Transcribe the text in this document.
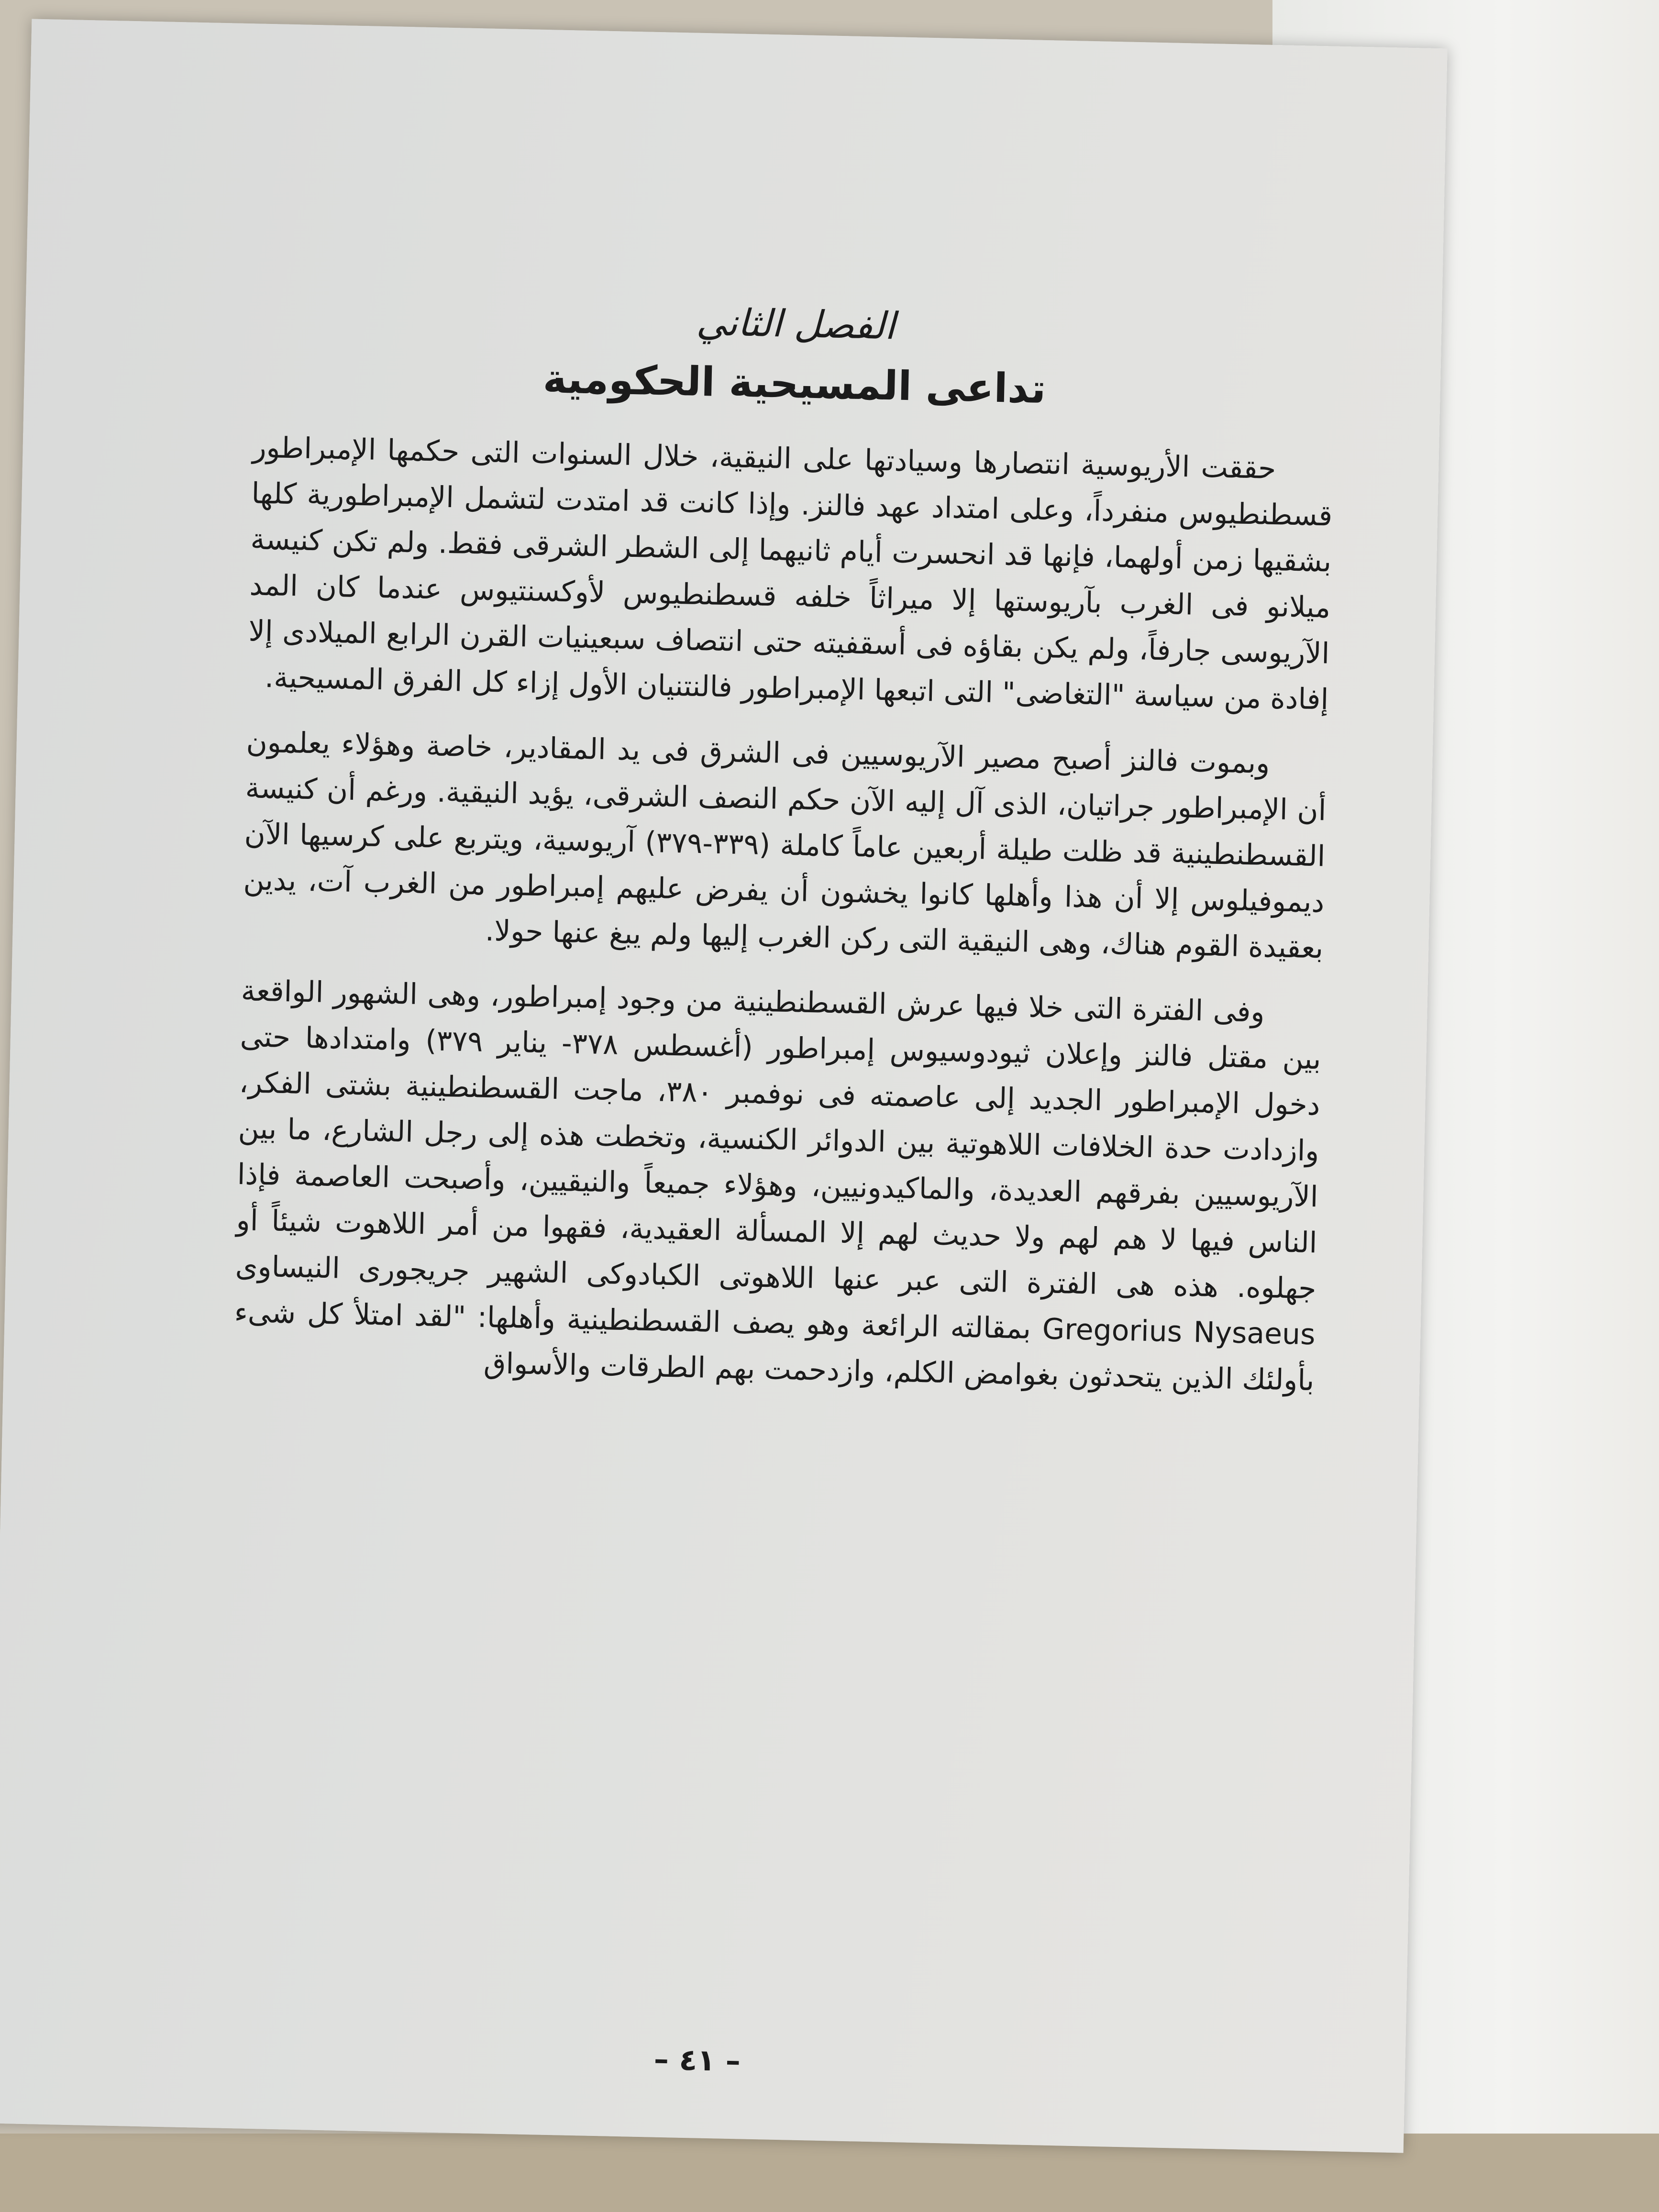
الفصل الثاني
تداعى المسيحية الحكومية

حققت الأريوسية انتصارها وسيادتها على النيقية، خلال السنوات التى حكمها الإمبراطور قسطنطيوس منفرداً، وعلى امتداد عهد فالنز. وإذا كانت قد امتدت لتشمل الإمبراطورية كلها بشقيها زمن أولهما، فإنها قد انحسرت أيام ثانيهما إلى الشطر الشرقى فقط. ولم تكن كنيسة ميلانو فى الغرب بآريوستها إلا ميراثاً خلفه قسطنطيوس لأوكسنتيوس عندما كان المد الآريوسى جارفاً، ولم يكن بقاؤه فى أسقفيته حتى انتصاف سبعينيات القرن الرابع الميلادى إلا إفادة من سياسة "التغاضى" التى اتبعها الإمبراطور فالنتنيان الأول إزاء كل الفرق المسيحية.

وبموت فالنز أصبح مصير الآريوسيين فى الشرق فى يد المقادير، خاصة وهؤلاء يعلمون أن الإمبراطور جراتيان، الذى آل إليه الآن حكم النصف الشرقى، يؤيد النيقية. ورغم أن كنيسة القسطنطينية قد ظلت طيلة أربعين عاماً كاملة (٣٣٩-٣٧٩) آريوسية، ويتربع على كرسيها الآن ديموفيلوس إلا أن هذا وأهلها كانوا يخشون أن يفرض عليهم إمبراطور من الغرب آت، يدين بعقيدة القوم هناك، وهى النيقية التى ركن الغرب إليها ولم يبغ عنها حولا.

وفى الفترة التى خلا فيها عرش القسطنطينية من وجود إمبراطور، وهى الشهور الواقعة بين مقتل فالنز وإعلان ثيودوسيوس إمبراطور (أغسطس ٣٧٨- يناير ٣٧٩) وامتدادها حتى دخول الإمبراطور الجديد إلى عاصمته فى نوفمبر ٣٨٠، ماجت القسطنطينية بشتى الفكر، وازدادت حدة الخلافات اللاهوتية بين الدوائر الكنسية، وتخطت هذه إلى رجل الشارع، ما بين الآريوسيين بفرقهم العديدة، والماكيدونيين، وهؤلاء جميعاً والنيقيين، وأصبحت العاصمة فإذا الناس فيها لا هم لهم ولا حديث لهم إلا المسألة العقيدية، فقهوا من أمر اللاهوت شيئاً أو جهلوه. هذه هى الفترة التى عبر عنها اللاهوتى الكبادوكى الشهير جريجورى النيساوى Gregorius Nysaeus بمقالته الرائعة وهو يصف القسطنطينية وأهلها: "لقد امتلأ كل شىء بأولئك الذين يتحدثون بغوامض الكلم، وازدحمت بهم الطرقات والأسواق

– ٤١ –
